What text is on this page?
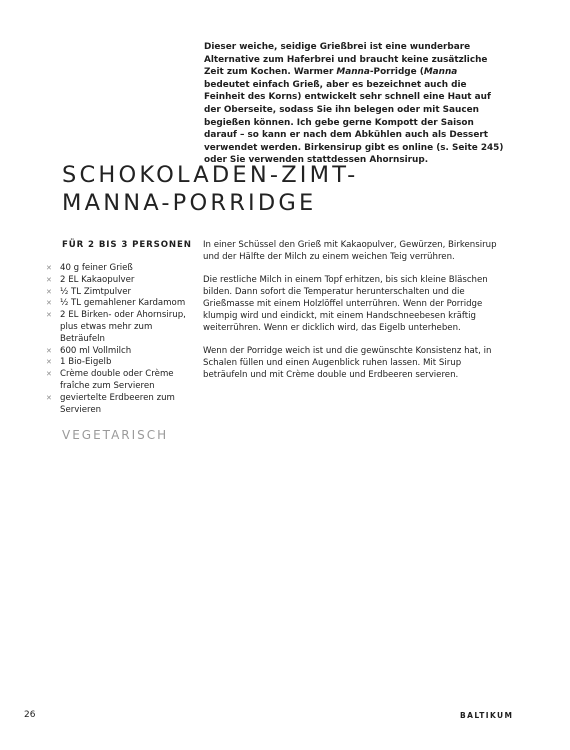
Dieser weiche, seidige Grießbrei ist eine wunderbare Alternative zum Haferbrei und braucht keine zusätzliche Zeit zum Kochen. Warmer Manna-Porridge (Manna bedeutet einfach Grieß, aber es bezeichnet auch die Feinheit des Korns) entwickelt sehr schnell eine Haut auf der Oberseite, sodass Sie ihn belegen oder mit Saucen begießen können. Ich gebe gerne Kompott der Saison darauf – so kann er nach dem Abkühlen auch als Dessert verwendet werden. Birkensirup gibt es online (s. Seite 245) oder Sie verwenden stattdessen Ahornsirup.

SCHOKOLADEN-ZIMT-
MANNA-PORRIDGE
FÜR 2 BIS 3 PERSONEN
✕ 40 g feiner Grieß
✕ 2 EL Kakaopulver
✕ ½ TL Zimtpulver
✕ ½ TL gemahlener Kardamom
✕ 2 EL Birken- oder Ahornsirup, plus etwas mehr zum Beträufeln
✕ 600 ml Vollmilch
✕ 1 Bio-Eigelb
✕ Crème double oder Crème fraîche zum Servieren
✕ geviertelte Erdbeeren zum Servieren
VEGETARISCH

In einer Schüssel den Grieß mit Kakaopulver, Gewürzen, Birkensirup und der Hälfte der Milch zu einem weichen Teig verrühren.

Die restliche Milch in einem Topf erhitzen, bis sich kleine Bläschen bilden. Dann sofort die Temperatur herunterschalten und die Grießmasse mit einem Holzlöffel unterrühren. Wenn der Porridge klumpig wird und eindickt, mit einem Handschneebesen kräftig weiterrühren. Wenn er dicklich wird, das Eigelb unterheben.

Wenn der Porridge weich ist und die gewünschte Konsistenz hat, in Schalen füllen und einen Augenblick ruhen lassen. Mit Sirup beträufeln und mit Crème double und Erdbeeren servieren.

26	BALTIKUM
